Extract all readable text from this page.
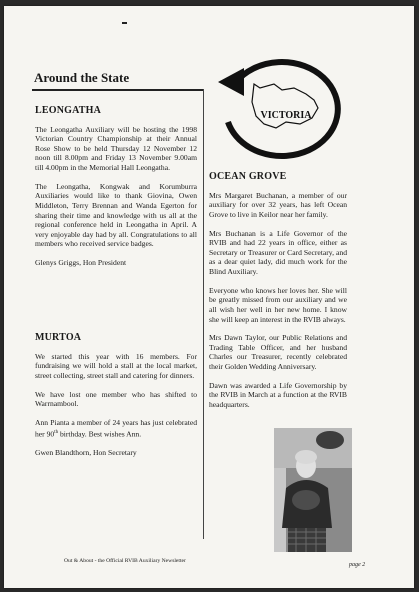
Around the State
VICTORIA
LEONGATHA

The Leongatha Auxiliary will be hosting the 1998 Victorian Country Championship at their Annual Rose Show to be held Thursday 12 November 12 noon till 8.00pm and Friday 13 November 9.00am till 4.00pm in the Memorial Hall Leongatha.

The Leongatha, Kongwak and Korumburra Auxiliaries would like to thank Giovina, Owen Middleton, Terry Brennan and Wanda Egerton for sharing their time and knowledge with us all at the regional conference held in Leongatha in April. A very enjoyable day had by all. Congratulations to all members who received service badges.

Glenys Griggs, Hon President

MURTOA

We started this year with 16 members. For fundraising we will hold a stall at the local market, street collecting, street stall and catering for dinners.

We have lost one member who has shifted to Warrnambool.

Ann Pianta a member of 24 years has just celebrated her 90th birthday. Best wishes Ann.

Gwen Blandthorn, Hon Secretary

OCEAN GROVE

Mrs Margaret Buchanan, a member of our auxiliary for over 32 years, has left Ocean Grove to live in Keilor near her family.

Mrs Buchanan is a Life Governor of the RVIB and had 22 years in office, either as Secretary or Treasurer or Card Secretary, and as a dear quiet lady, did much work for the Blind Auxiliary.

Everyone who knows her loves her. She will be greatly missed from our auxiliary and we all wish her well in her new home. I know she will keep an interest in the RVIB always.

Mrs Dawn Taylor, our Public Relations and Trading Table Officer, and her husband Charles our Treasurer, recently celebrated their Golden Wedding Anniversary.

Dawn was awarded a Life Governorship by the RVIB in March at a function at the RVIB headquarters.

Out & About - the Official RVIB Auxiliary Newsletter
page 2
